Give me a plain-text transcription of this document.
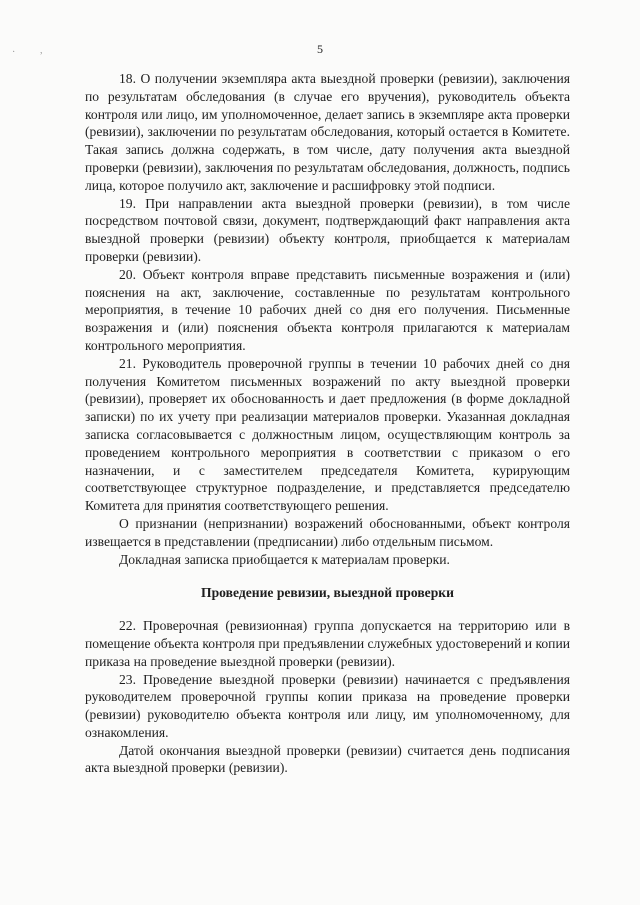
· ,	5

18. О получении экземпляра акта выездной проверки (ревизии), заключения по результатам обследования (в случае его вручения), руководитель объекта контроля или лицо, им уполномоченное, делает запись в экземпляре акта проверки (ревизии), заключении по результатам обследования, который остается в Комитете. Такая запись должна содержать, в том числе, дату получения акта выездной проверки (ревизии), заключения по результатам обследования, должность, подпись лица, которое получило акт, заключение и расшифровку этой подписи.

19. При направлении акта выездной проверки (ревизии), в том числе посредством почтовой связи, документ, подтверждающий факт направления акта выездной проверки (ревизии) объекту контроля, приобщается к материалам проверки (ревизии).

20. Объект контроля вправе представить письменные возражения и (или) пояснения на акт, заключение, составленные по результатам контрольного мероприятия, в течение 10 рабочих дней со дня его получения. Письменные возражения и (или) пояснения объекта контроля прилагаются к материалам контрольного мероприятия.

21. Руководитель проверочной группы в течении 10 рабочих дней со дня получения Комитетом письменных возражений по акту выездной проверки (ревизии), проверяет их обоснованность и дает предложения (в форме докладной записки) по их учету при реализации материалов проверки. Указанная докладная записка согласовывается с должностным лицом, осуществляющим контроль за проведением контрольного мероприятия в соответствии с приказом о его назначении, и с заместителем председателя Комитета, курирующим соответствующее структурное подразделение, и представляется председателю Комитета для принятия соответствующего решения.

О признании (непризнании) возражений обоснованными, объект контроля извещается в представлении (предписании) либо отдельным письмом.

Докладная записка приобщается к материалам проверки.

Проведение ревизии, выездной проверки

22. Проверочная (ревизионная) группа допускается на территорию или в помещение объекта контроля при предъявлении служебных удостоверений и копии приказа на проведение выездной проверки (ревизии).

23. Проведение выездной проверки (ревизии) начинается с предъявления руководителем проверочной группы копии приказа на проведение проверки (ревизии) руководителю объекта контроля или лицу, им уполномоченному, для ознакомления.

Датой окончания выездной проверки (ревизии) считается день подписания акта выездной проверки (ревизии).
